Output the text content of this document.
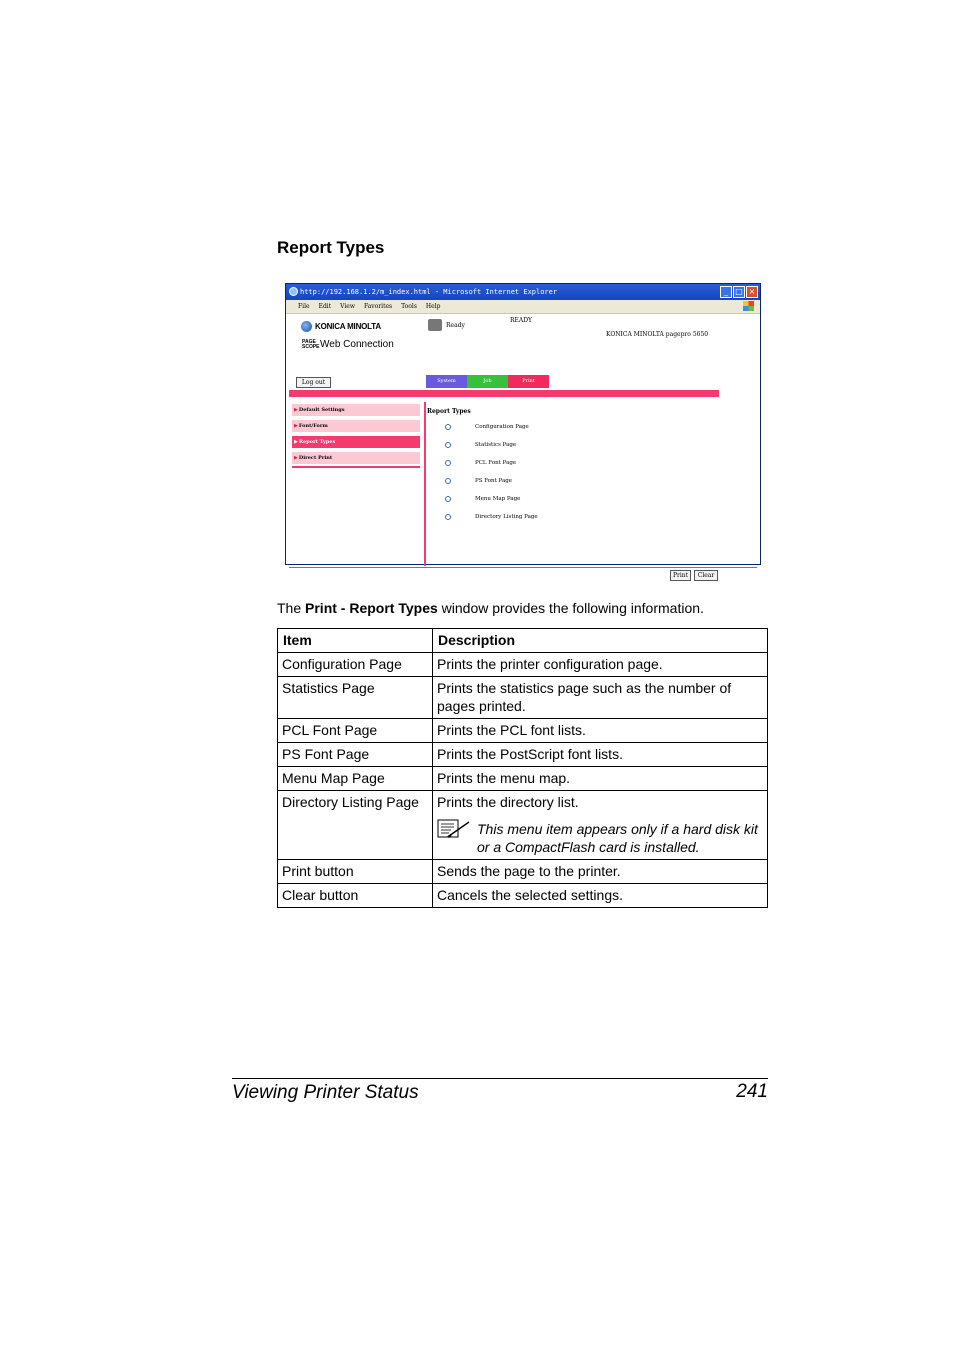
Report Types
http://192.168.1.2/m_index.html - Microsoft Internet Explorer	_ □ ×
File Edit View Favorites Tools Help
KONICA MINOLTA
PAGE SCOPE Web Connection
Ready
READY
KONICA MINOLTA pagepro 5650
Log out	System	Job	Print
▶Default Settings
▶Font/Form
▶Report Types
▶Direct Print
Report Types
Configuration Page
Statistics Page
PCL Font Page
PS Font Page
Menu Map Page
Directory Listing Page
Print	Clear
The Print - Report Types window provides the following information.
Item	Description
Configuration Page	Prints the printer configuration page.
Statistics Page	Prints the statistics page such as the number of pages printed.
PCL Font Page	Prints the PCL font lists.
PS Font Page	Prints the PostScript font lists.
Menu Map Page	Prints the menu map.
Directory Listing Page	Prints the directory list.
This menu item appears only if a hard disk kit or a CompactFlash card is installed.

Print button	Sends the page to the printer.
Clear button	Cancels the selected settings.
Viewing Printer Status	241
